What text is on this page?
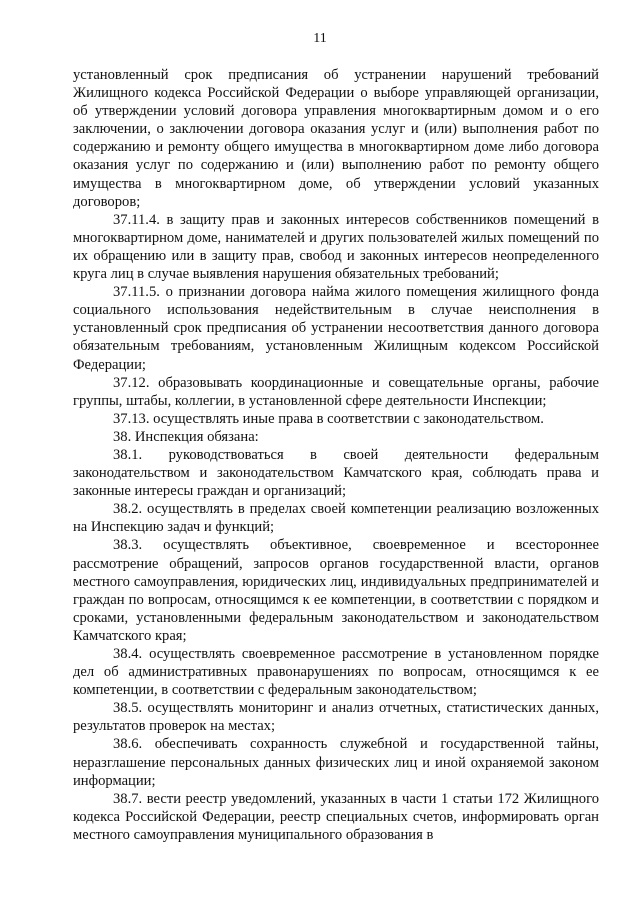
11

установленный срок предписания об устранении нарушений требований Жилищного кодекса Российской Федерации о выборе управляющей организации, об утверждении условий договора управления многоквартирным домом и о его заключении, о заключении договора оказания услуг и (или) выполнения работ по содержанию и ремонту общего имущества в многоквартирном доме либо договора оказания услуг по содержанию и (или) выполнению работ по ремонту общего имущества в многоквартирном доме, об утверждении условий указанных договоров;

37.11.4. в защиту прав и законных интересов собственников помещений в многоквартирном доме, нанимателей и других пользователей жилых помещений по их обращению или в защиту прав, свобод и законных интересов неопределенного круга лиц в случае выявления нарушения обязательных требований;

37.11.5. о признании договора найма жилого помещения жилищного фонда социального использования недействительным в случае неисполнения в установленный срок предписания об устранении несоответствия данного договора обязательным требованиям, установленным Жилищным кодексом Российской Федерации;

37.12. образовывать координационные и совещательные органы, рабочие группы, штабы, коллегии, в установленной сфере деятельности Инспекции;

37.13. осуществлять иные права в соответствии с законодательством.

38. Инспекция обязана:

38.1. руководствоваться в своей деятельности федеральным законодательством и законодательством Камчатского края, соблюдать права и законные интересы граждан и организаций;

38.2. осуществлять в пределах своей компетенции реализацию возложенных на Инспекцию задач и функций;

38.3. осуществлять объективное, своевременное и всестороннее рассмотрение обращений, запросов органов государственной власти, органов местного самоуправления, юридических лиц, индивидуальных предпринимателей и граждан по вопросам, относящимся к ее компетенции, в соответствии с порядком и сроками, установленными федеральным законодательством и законодательством Камчатского края;

38.4. осуществлять своевременное рассмотрение в установленном порядке дел об административных правонарушениях по вопросам, относящимся к ее компетенции, в соответствии с федеральным законодательством;

38.5. осуществлять мониторинг и анализ отчетных, статистических данных, результатов проверок на местах;

38.6. обеспечивать сохранность служебной и государственной тайны, неразглашение персональных данных физических лиц и иной охраняемой законом информации;

38.7. вести реестр уведомлений, указанных в части 1 статьи 172 Жилищного кодекса Российской Федерации, реестр специальных счетов, информировать орган местного самоуправления муниципального образования в
